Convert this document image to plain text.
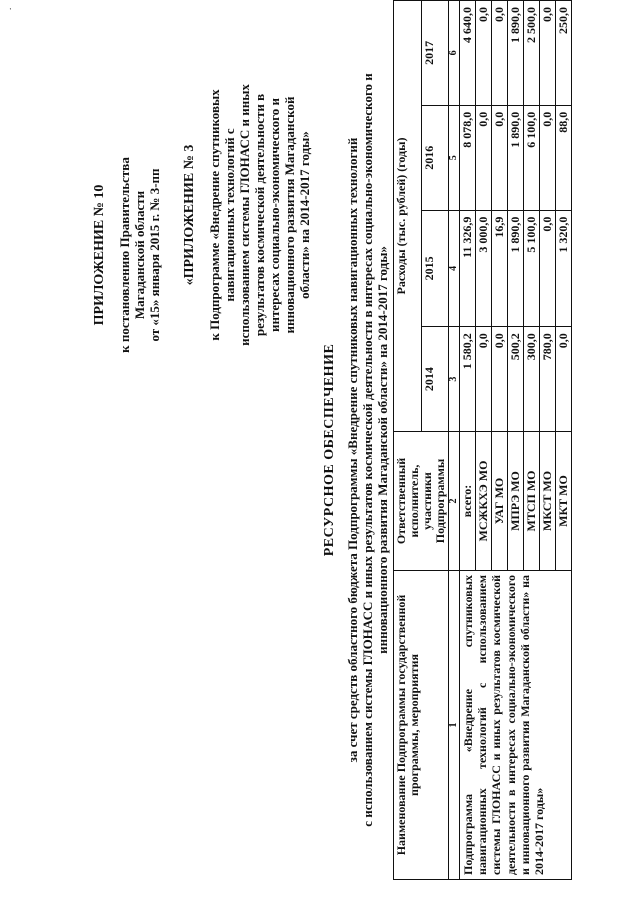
ПРИЛОЖЕНИЕ № 10 к постановлению Правительства Магаданской области от «15» января 2015 г. № 3-пп «ПРИЛОЖЕНИЕ № 3 к Подпрограмме «Внедрение спутниковых навигационных технологий с использованием системы ГЛОНАСС и иных результатов космической деятельности в интересах социально-экономического и инновационного развития Магаданской области» на 2014-2017 годы»
РЕСУРСНОЕ ОБЕСПЕЧЕНИЕ за счет средств областного бюджета Подпрограммы «Внедрение спутниковых навигационных технологий с использованием системы ГЛОНАСС и иных результатов космической деятельности в интересах социально-экономического и инновационного развития Магаданской области» на 2014-2017 годы»
Наименование Подпрограммы государственной программы, мероприятия	Ответственный исполнитель, участники Подпрограммы	Расходы (тыс. рублей) (годы)			
		2014	2015	2016	2017
1	2	3	4	5	6
Подпрограмма «Внедрение спутниковых навигационных технологий с использованием системы ГЛОНАСС и иных результатов космической деятельности в интересах социально-экономического и инновационного развития Магаданской области» на 2014-2017 годы»	всего:	1 580,2	11 326,9	8 078,0	4 640,0
	МСЖКХЭ МО	0,0	3 000,0	0,0	0,0
	УАГ МО	0,0	16,9	0,0	0,0
	МПРЭ МО	500,2	1 890,0	1 890,0	1 890,0
	МТСП МО	300,0	5 100,0	6 100,0	2 500,0
	МКСТ МО	780,0	0,0	0,0	0,0
	МКТ МО	0,0	1 320,0	88,0	250,0
.
